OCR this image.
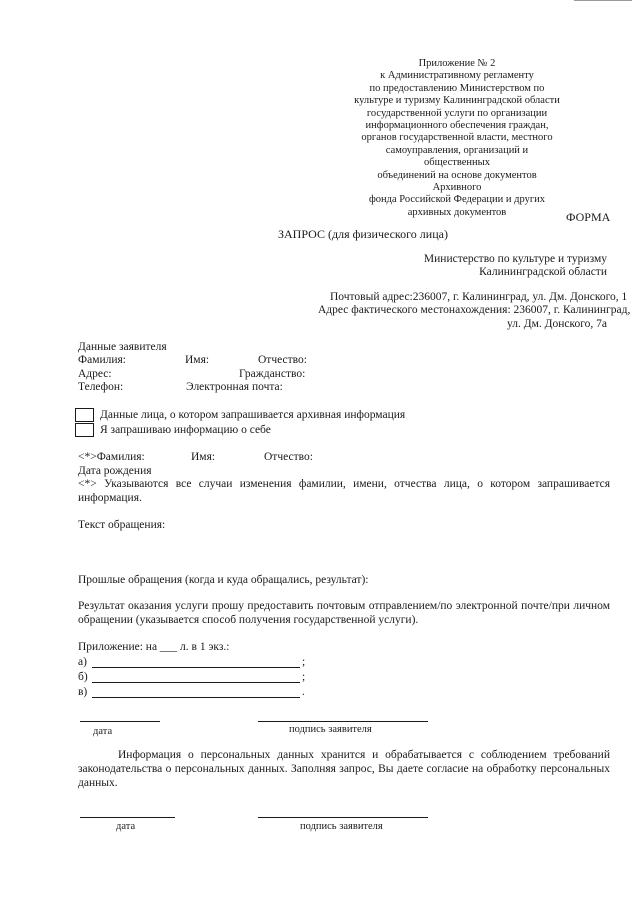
Приложение № 2
к Административному регламенту
по предоставлению Министерством по
культуре и туризму Калининградской области
государственной услуги по организации
информационного обеспечения граждан,
органов государственной власти, местного
самоуправления, организаций и общественных
объединений на основе документов Архивного
фонда Российской Федерации и других
архивных документов	ФОРМА
ЗАПРОС (для физического лица)
Министерство по культуре и туризму
Калининградской области
Почтовый адрес:236007, г. Калининград, ул. Дм. Донского, 1
Адрес фактического местонахождения: 236007, г. Калининград,
ул. Дм. Донского, 7а
Данные заявителя
Фамилия:	Имя:	Отчество:
Адрес:	Гражданство:
Телефон:	Электронная почта:
Данные лица, о котором запрашивается архивная информация
Я запрашиваю информацию о себе
<*>Фамилия:	Имя:	Отчество:
Дата рождения
<*> Указываются все случаи изменения фамилии, имени, отчества лица, о котором запрашивается информация.
Текст обращения:
Прошлые обращения (когда и куда обращались, результат):
Результат оказания услуги прошу предоставить почтовым отправлением/по электронной почте/при личном обращении (указывается способ получения государственной услуги).
Приложение: на ___ л. в 1 экз.:
а)	;
б)	;
в)	.
дата	подпись заявителя
Информация о персональных данных хранится и обрабатывается с соблюдением требований законодательства о персональных данных. Заполняя запрос, Вы даете согласие на обработку персональных данных.
дата	подпись заявителя
